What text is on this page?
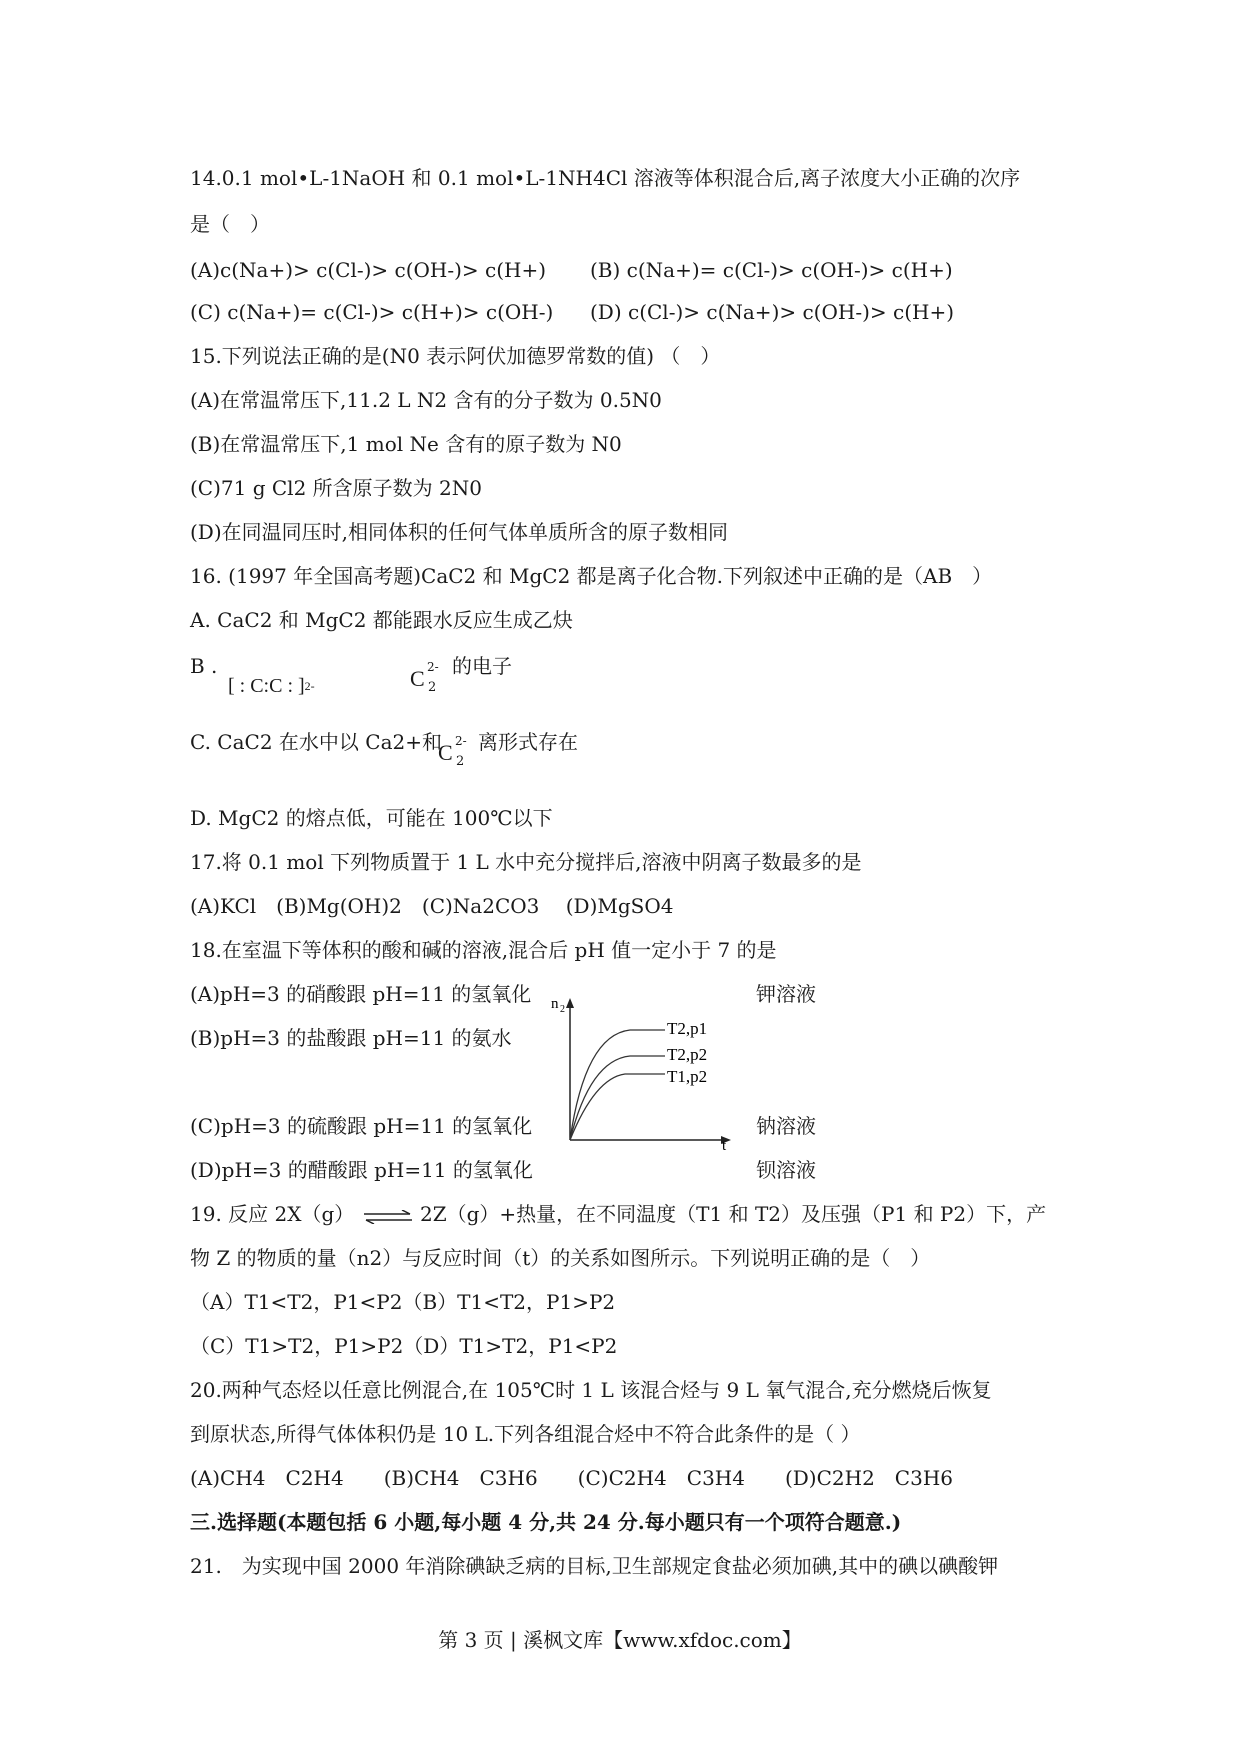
14.0.1 mol•L-1NaOH 和 0.1 mol•L-1NH4Cl 溶液等体积混合后,离子浓度大小正确的次序
是（　）
(A)c(Na+)> c(Cl-)> c(OH-)> c(H+) (B) c(Na+)= c(Cl-)> c(OH-)> c(H+)
(C) c(Na+)= c(Cl-)> c(H+)> c(OH-) (D) c(Cl-)> c(Na+)> c(OH-)> c(H+)
15.下列说法正确的是(N0 表示阿伏加德罗常数的值) （　）
(A)在常温常压下,11.2 L N2 含有的分子数为 0.5N0
(B)在常温常压下,1 mol Ne 含有的原子数为 N0
(C)71 g Cl2 所含原子数为 2N0
(D)在同温同压时,相同体积的任何气体单质所含的原子数相同
16. (1997 年全国高考题)CaC2 和 MgC2 都是离子化合物.下列叙述中正确的是（AB　）
A. CaC2 和 MgC2 都能跟水反应生成乙炔
B .
[ : C:C : ]$^{2-}$	C 2-
2
的电子
C. CaC2 在水中以 Ca2+和
C 2-
2
离形式存在
D. MgC2 的熔点低，可能在 100℃以下
17.将 0.1 mol 下列物质置于 1 L 水中充分搅拌后,溶液中阴离子数最多的是
(A)KCl　(B)Mg(OH)2　(C)Na2CO3　 (D)MgSO4
18.在室温下等体积的酸和碱的溶液,混合后 pH 值一定小于 7 的是
(A)pH=3 的硝酸跟 pH=11 的氢氧化	钾溶液
(B)pH=3 的盐酸跟 pH=11 的氨水
(C)pH=3 的硫酸跟 pH=11 的氢氧化	钠溶液
(D)pH=3 的醋酸跟 pH=11 的氢氧化	钡溶液
n 2
t
T2,p1
T2,p2
T1,p2
19. 反应 2X（g） ⇌ 2Z（g）+热量，在不同温度（T1 和 T2）及压强（P1 和 P2）下，产
物 Z 的物质的量（n2）与反应时间（t）的关系如图所示。下列说明正确的是（　）
（A）T1<T2，P1<P2（B）T1<T2，P1>P2
（C）T1>T2，P1>P2（D）T1>T2，P1<P2
20.两种气态烃以任意比例混合,在 105℃时 1 L 该混合烃与 9 L 氧气混合,充分燃烧后恢复
到原状态,所得气体体积仍是 10 L.下列各组混合烃中不符合此条件的是（ ）
(A)CH4　C2H4　　(B)CH4　C3H6　　(C)C2H4　C3H4　　(D)C2H2　C3H6
三.选择题(本题包括 6 小题,每小题 4 分,共 24 分.每小题只有一个项符合题意.)
21.　为实现中国 2000 年消除碘缺乏病的目标,卫生部规定食盐必须加碘,其中的碘以碘酸钾
第 3 页 | 溪枫文库【www.xfdoc.com】
